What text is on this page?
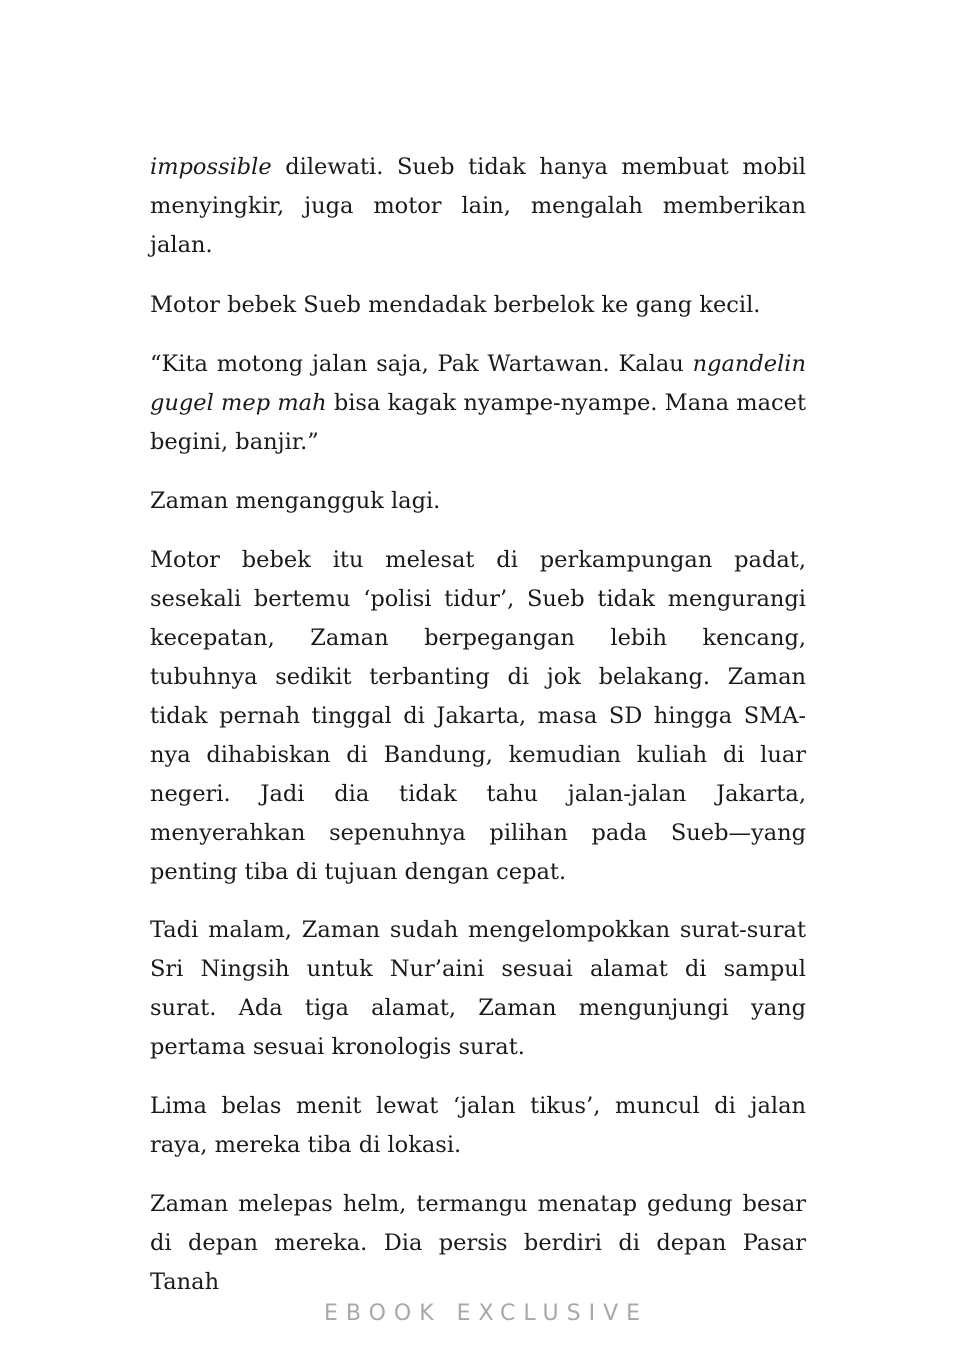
impossible dilewati. Sueb tidak hanya membuat mobil menyingkir, juga motor lain, mengalah memberikan jalan.

Motor bebek Sueb mendadak berbelok ke gang kecil.

“Kita motong jalan saja, Pak Wartawan. Kalau ngandelin gugel mep mah bisa kagak nyampe-nyampe. Mana macet begini, banjir.”

Zaman mengangguk lagi.

Motor bebek itu melesat di perkampungan padat, sesekali bertemu ‘polisi tidur’, Sueb tidak mengurangi kecepatan, Zaman berpegangan lebih kencang, tubuhnya sedikit terbanting di jok belakang. Zaman tidak pernah tinggal di Jakarta, masa SD hingga SMA-nya dihabiskan di Bandung, kemudian kuliah di luar negeri. Jadi dia tidak tahu jalan-jalan Jakarta, menyerahkan sepenuhnya pilihan pada Sueb—yang penting tiba di tujuan dengan cepat.

Tadi malam, Zaman sudah mengelompokkan surat-surat Sri Ningsih untuk Nur’aini sesuai alamat di sampul surat. Ada tiga alamat, Zaman mengunjungi yang pertama sesuai kronologis surat.

Lima belas menit lewat ‘jalan tikus’, muncul di jalan raya, mereka tiba di lokasi.

Zaman melepas helm, termangu menatap gedung besar di depan mereka. Dia persis berdiri di depan Pasar Tanah

EBOOK EXCLUSIVE
